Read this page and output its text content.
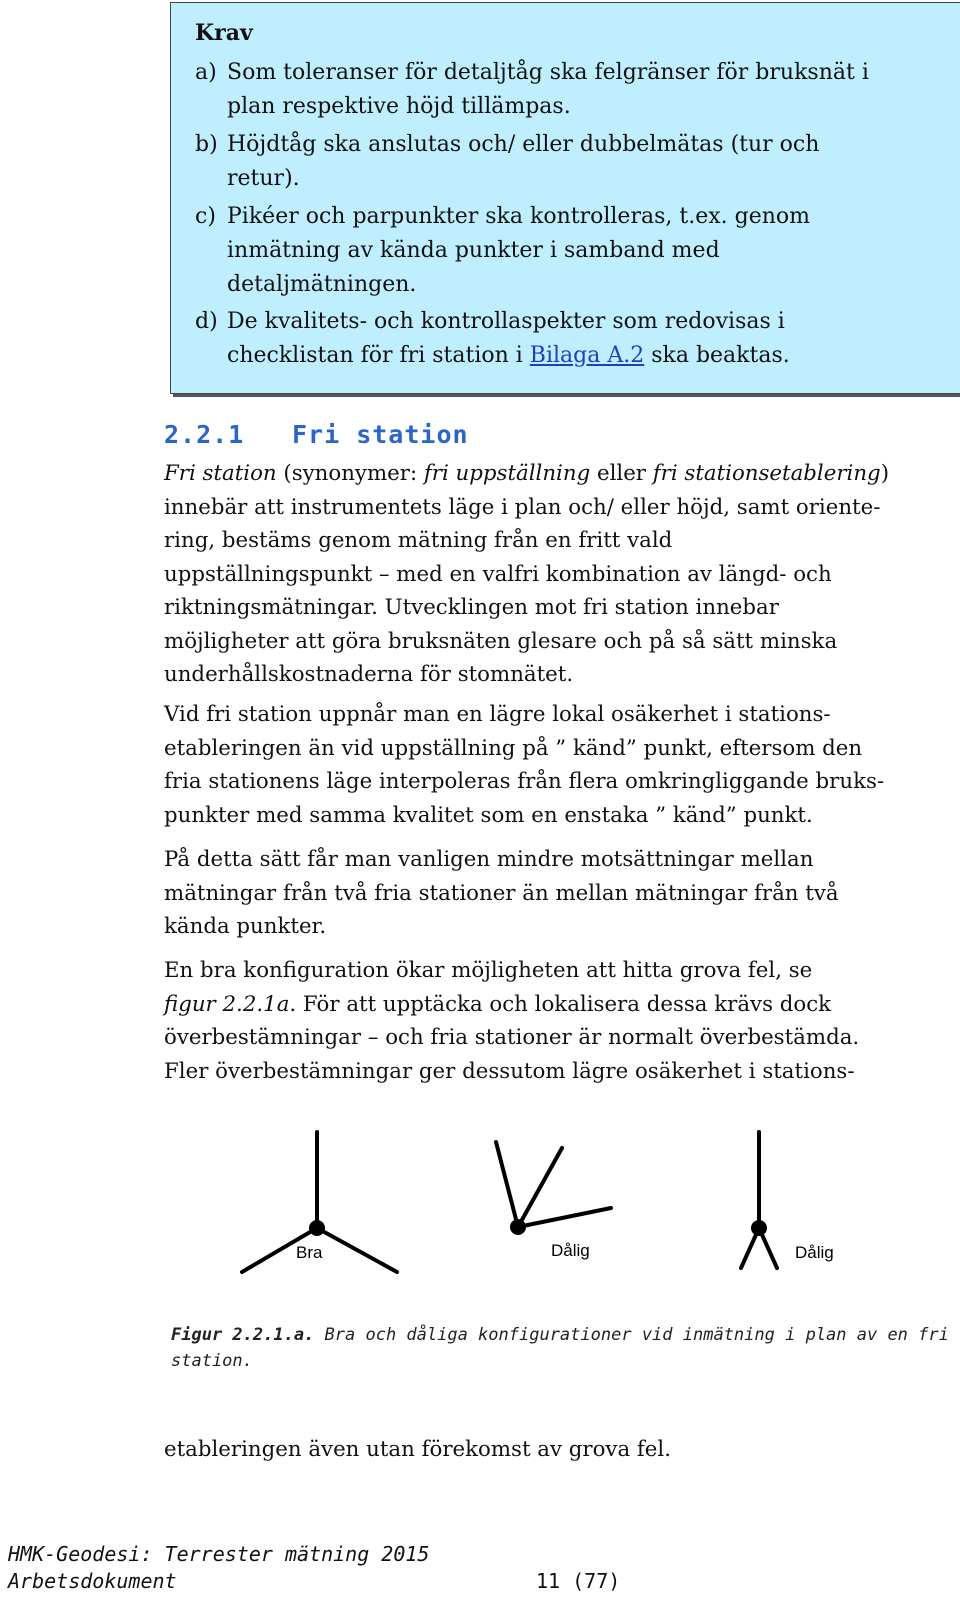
Krav
a) Som toleranser för detaljtåg ska felgränser för bruksnät i
plan respektive höjd tillämpas.
b) Höjdtåg ska anslutas och/ eller dubbelmätas (tur och
retur).
c) Pikéer och parpunkter ska kontrolleras, t.ex. genom
inmätning av kända punkter i samband med
detaljmätningen.
d) De kvalitets- och kontrollaspekter som redovisas i
checklistan för fri station i Bilaga A.2 ska beaktas.
2.2.1 Fri station
Fri station (synonymer: fri uppställning eller fri stationsetablering)
innebär att instrumentets läge i plan och/ eller höjd, samt oriente-
ring, bestäms genom mätning från en fritt vald
uppställningspunkt – med en valfri kombination av längd- och
riktningsmätningar. Utvecklingen mot fri station innebar
möjligheter att göra bruksnäten glesare och på så sätt minska
underhållskostnaderna för stomnätet.
Vid fri station uppnår man en lägre lokal osäkerhet i stations-
etableringen än vid uppställning på ” känd” punkt, eftersom den
fria stationens läge interpoleras från flera omkringliggande bruks-
punkter med samma kvalitet som en enstaka ” känd” punkt.
På detta sätt får man vanligen mindre motsättningar mellan
mätningar från två fria stationer än mellan mätningar från två
kända punkter.
En bra konfiguration ökar möjligheten att hitta grova fel, se
figur 2.2.1a. För att upptäcka och lokalisera dessa krävs dock
överbestämningar – och fria stationer är normalt överbestämda.
Fler överbestämningar ger dessutom lägre osäkerhet i stations-
Bra	Dålig	Dålig
Figur 2.2.1.a. Bra och dåliga konfigurationer vid inmätning i plan av en fri
station.
etableringen även utan förekomst av grova fel.
HMK-Geodesi: Terrester mätning 2015
Arbetsdokument	11 (77)
